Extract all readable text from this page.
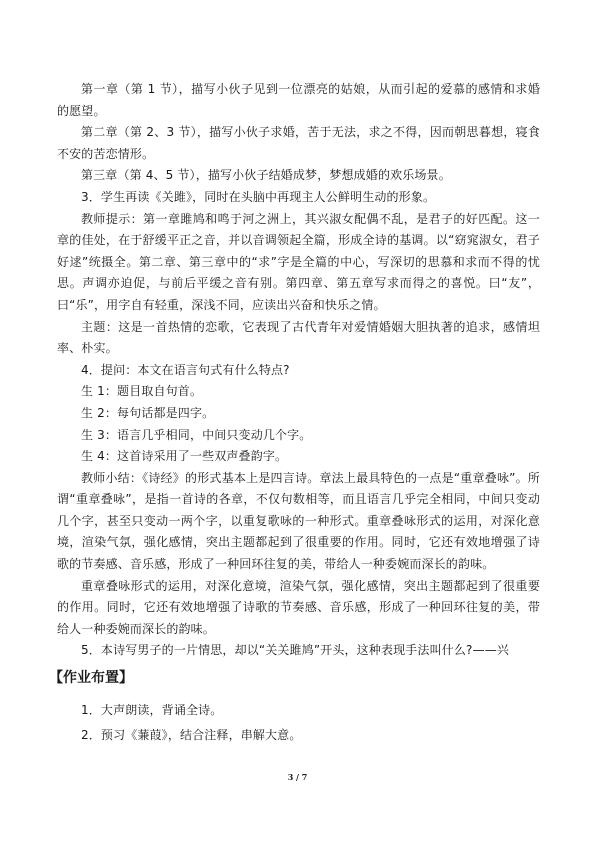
第一章（第 1 节），描写小伙子见到一位漂亮的姑娘，从而引起的爱慕的感情和求婚的愿望。

第二章（第 2、3 节），描写小伙子求婚，苦于无法，求之不得，因而朝思暮想，寝食不安的苦恋情形。

第三章（第 4、5 节），描写小伙子结婚成梦，梦想成婚的欢乐场景。

3．学生再读《关雎》，同时在头脑中再现主人公鲜明生动的形象。

教师提示：第一章雎鸠和鸣于河之洲上，其兴淑女配偶不乱，是君子的好匹配。这一章的佳处，在于舒缓平正之音，并以音调领起全篇，形成全诗的基调。以“窈窕淑女，君子好逑”统摄全。第二章、第三章中的“求”字是全篇的中心，写深切的思慕和求而不得的忧思。声调亦迫促，与前后平缓之音有别。第四章、第五章写求而得之的喜悦。曰“友”，曰“乐”，用字自有轻重，深浅不同，应读出兴奋和快乐之情。

主题：这是一首热情的恋歌，它表现了古代青年对爱情婚姻大胆执著的追求，感情坦率、朴实。

4．提问：本文在语言句式有什么特点?

生 1：题目取自句首。

生 2：每句话都是四字。

生 3：语言几乎相同，中间只变动几个字。

生 4：这首诗采用了一些双声叠韵字。

教师小结：《诗经》的形式基本上是四言诗。章法上最具特色的一点是“重章叠咏”。所谓“重章叠咏”，是指一首诗的各章，不仅句数相等，而且语言几乎完全相同，中间只变动几个字，甚至只变动一两个字，以重复歌咏的一种形式。重章叠咏形式的运用，对深化意境，渲染气氛，强化感情，突出主题都起到了很重要的作用。同时，它还有效地增强了诗歌的节奏感、音乐感，形成了一种回环往复的美，带给人一种委婉而深长的韵味。

重章叠咏形式的运用，对深化意境，渲染气氛，强化感情，突出主题都起到了很重要的作用。同时，它还有效地增强了诗歌的节奏感、音乐感，形成了一种回环往复的美，带给人一种委婉而深长的韵味。

5．本诗写男子的一片情思，却以“关关雎鸠”开头，这种表现手法叫什么?——兴

【作业布置】

1．大声朗读，背诵全诗。

2．预习《蒹葭》，结合注释，串解大意。

3 / 7
